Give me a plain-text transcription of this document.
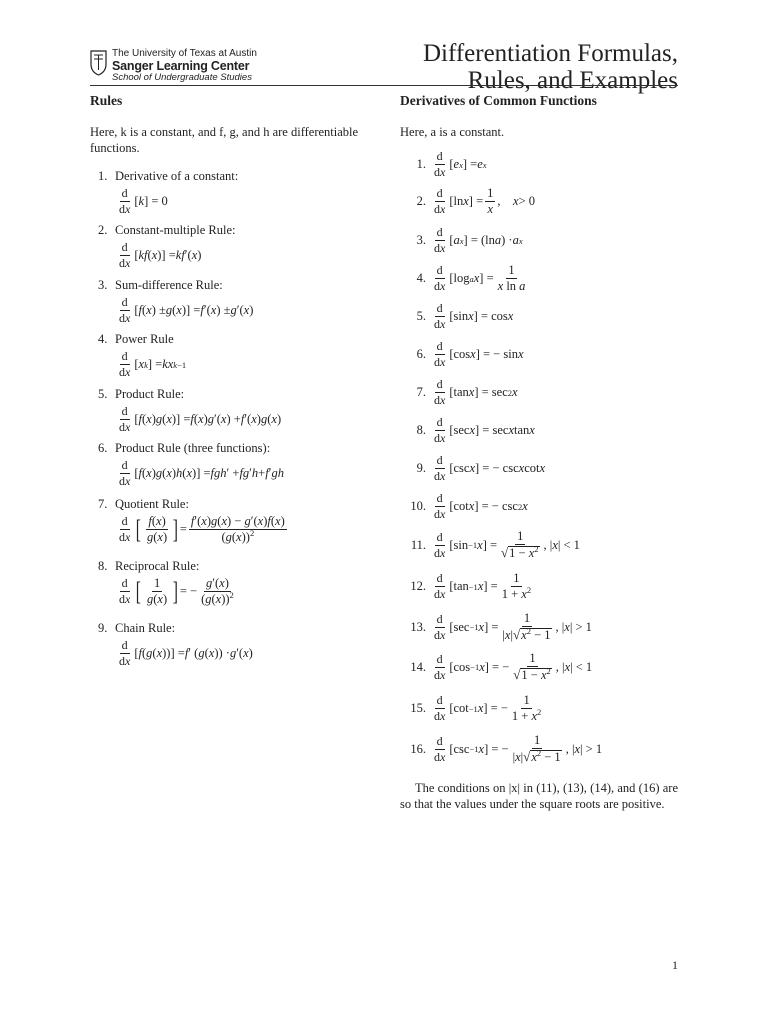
The University of Texas at Austin
Sanger Learning Center
School of Undergraduate Studies
Differentiation Formulas,
Rules, and Examples
Rules
Here, k is a constant, and f, g, and h are differentiable functions.
1. Derivative of a constant:
$\frac{d}{dx}$ [ k ] = 0
2. Constant-multiple Rule:
$\frac{d}{dx}$ [ kf ( x )] = kf ′( x )
3. Sum-difference Rule:
$\frac{d}{dx}$ [ f ( x ) ± g ( x )] = f ′( x ) ± g ′( x )
4. Power Rule
$\frac{d}{dx}$ [ x k ] = kx k−1
5. Product Rule:
$\frac{d}{dx}$ [ f ( x ) g ( x )] = f ( x ) g ′( x ) + f ′( x ) g ( x )
6. Product Rule (three functions):
$\frac{d}{dx}$ [ f ( x ) g ( x ) h ( x )] = fgh ′ + fg ′ h + f ′ gh
7. Quotient Rule:
$\frac{d}{dx}$ [ $\frac{f(x)}{g(x)}$ ] = $\frac{f'(x)g(x) - g'(x)f(x)}{(g(x))^2}$
8. Reciprocal Rule:
$\frac{d}{dx}$ [ $\frac{1}{g(x)}$ ] = − $\frac{g'(x)}{(g(x))^2}$
9. Chain Rule:
$\frac{d}{dx}$ [ f ( g ( x ))] = f ′ ( g ( x )) · g ′( x )
Derivatives of Common Functions
Here, a is a constant.
1. $\frac{d}{dx}$ [ e x ] = e x
2. $\frac{d}{dx} [\ln$ x ] = $\frac{1}{x}$ , x > 0
3. $\frac{d}{dx}$ [ a x ] = (ln a ) · a x
4. $\frac{d}{dx} [\log$ a x ] = $\frac{1}{\text{x ln a}}$
5. $\frac{d}{dx} [\sin$ x ] = cos x
6. $\frac{d}{dx} [\cos$ x ] = − sin x
7. $\frac{d}{dx} [\tan$ x ] = sec 2 x
8. $\frac{d}{dx} [\sec$ x ] = sec x tan x
9. $\frac{d}{dx} [\csc$ x ] = − csc x cot x
10. $\frac{d}{dx} [\cot$ x ] = − csc 2 x
11. $\frac{d}{dx} [\sin -1$ x ] = $\frac{1}{√ 1 - x^2}$ , | x | < 1
12. $\frac{d}{dx} [\tan -1$ x ] = $\frac{1}{1 + x^2}$
13. $\frac{d}{dx} [\sec -1$ x ] = $\frac{1}{|x| √ x^2 - 1}$ , | x | > 1
14. $\frac{d}{dx} [\cos -1$ x ] = − $\frac{1}{√ 1 - x^2}$ , | x | < 1
15. $\frac{d}{dx} [\cot -1$ x ] = − $\frac{1}{1 + x^2}$
16. $\frac{d}{dx} [\csc -1$ x ] = − $\frac{1}{|x| √ x^2 - 1}$ , | x | > 1
The conditions on |x| in (11), (13), (14), and (16) are so that the values under the square roots are positive.
1
